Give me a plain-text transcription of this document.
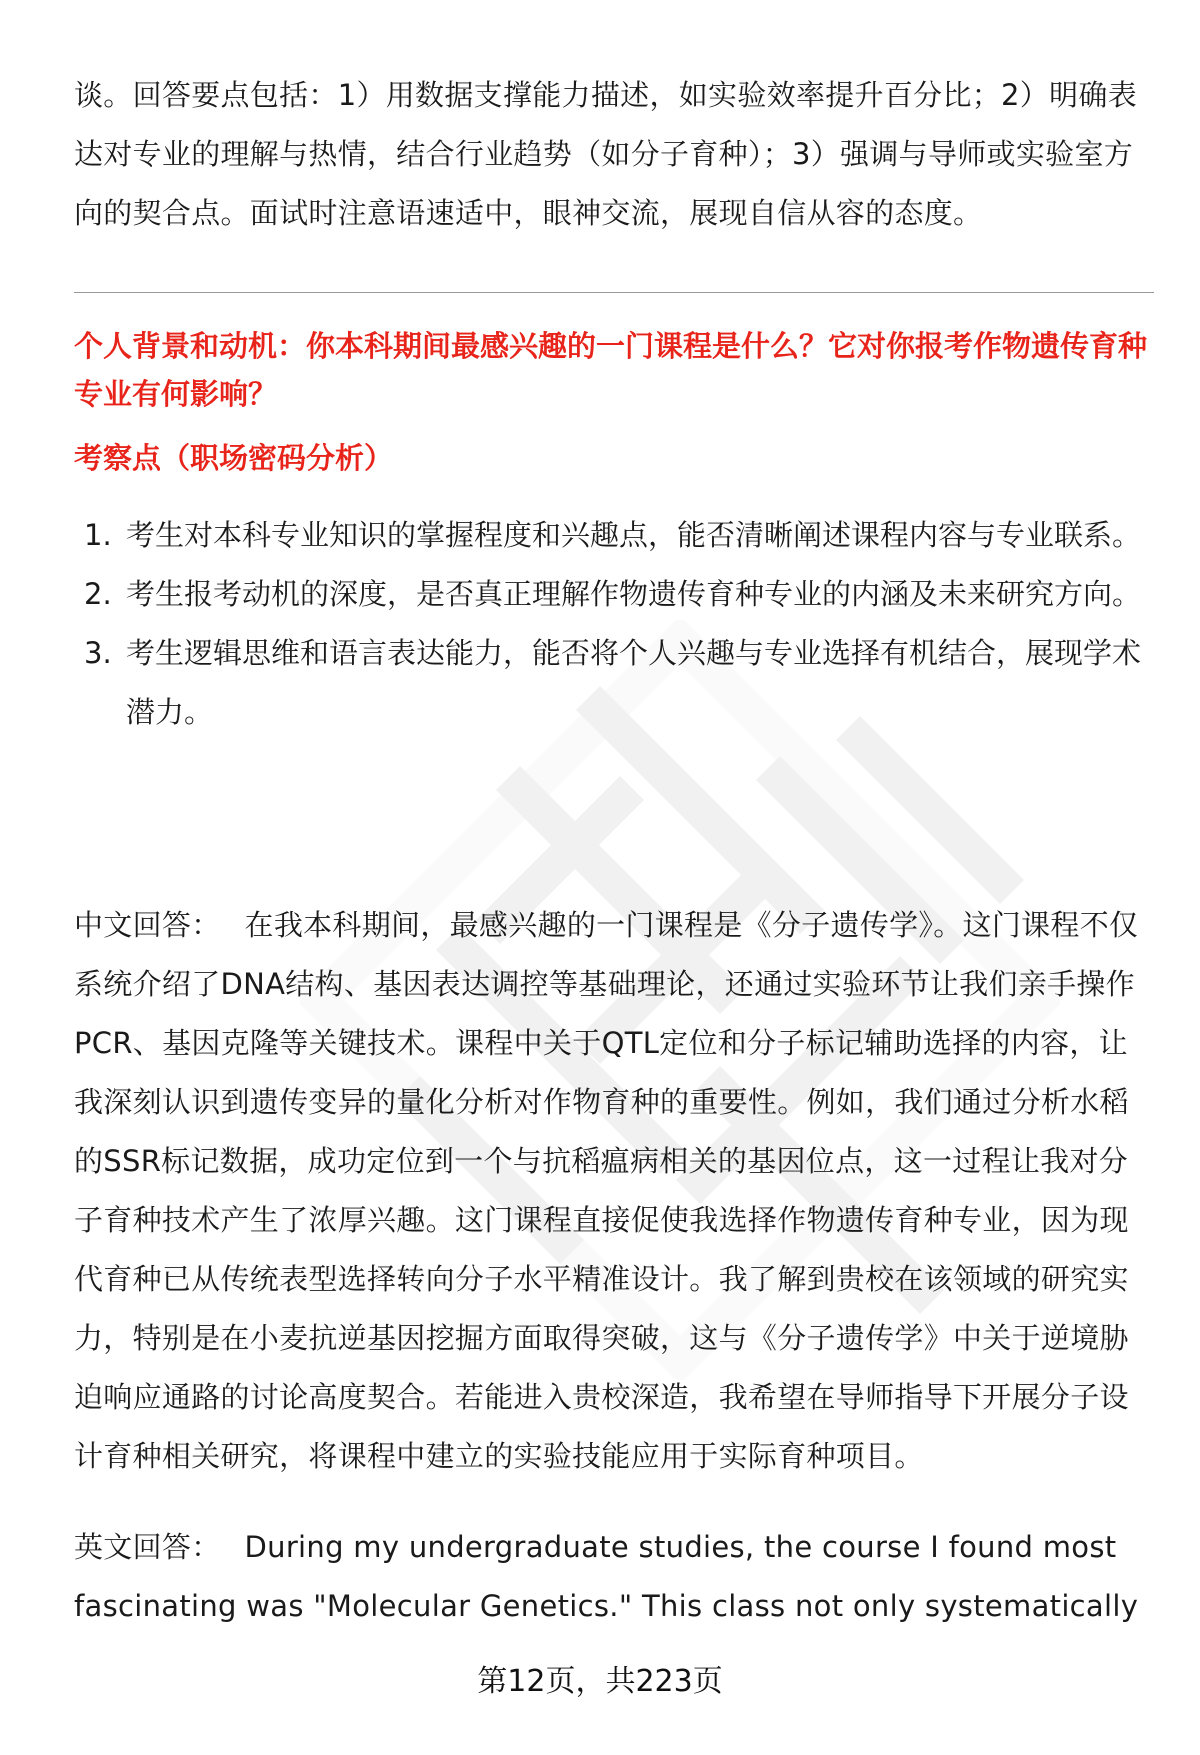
谈。回答要点包括：1）用数据支撑能力描述，如实验效率提升百分比；2）明确表达对专业的理解与热情，结合行业趋势（如分子育种）；3）强调与导师或实验室方向的契合点。面试时注意语速适中，眼神交流，展现自信从容的态度。

个人背景和动机：你本科期间最感兴趣的一门课程是什么？它对你报考作物遗传育种专业有何影响？

考察点（职场密码分析）

1. 考生对本科专业知识的掌握程度和兴趣点，能否清晰阐述课程内容与专业联系。
2. 考生报考动机的深度，是否真正理解作物遗传育种专业的内涵及未来研究方向。
3. 考生逻辑思维和语言表达能力，能否将个人兴趣与专业选择有机结合，展现学术潜力。

中文回答： 在我本科期间，最感兴趣的一门课程是《分子遗传学》。这门课程不仅系统介绍了DNA结构、基因表达调控等基础理论，还通过实验环节让我们亲手操作PCR、基因克隆等关键技术。课程中关于QTL定位和分子标记辅助选择的内容，让我深刻认识到遗传变异的量化分析对作物育种的重要性。例如，我们通过分析水稻的SSR标记数据，成功定位到一个与抗稻瘟病相关的基因位点，这一过程让我对分子育种技术产生了浓厚兴趣。这门课程直接促使我选择作物遗传育种专业，因为现代育种已从传统表型选择转向分子水平精准设计。我了解到贵校在该领域的研究实力，特别是在小麦抗逆基因挖掘方面取得突破，这与《分子遗传学》中关于逆境胁迫响应通路的讨论高度契合。若能进入贵校深造，我希望在导师指导下开展分子设计育种相关研究，将课程中建立的实验技能应用于实际育种项目。

英文回答： During my undergraduate studies, the course I found most fascinating was "Molecular Genetics." This class not only systematically

第12页，共223页
